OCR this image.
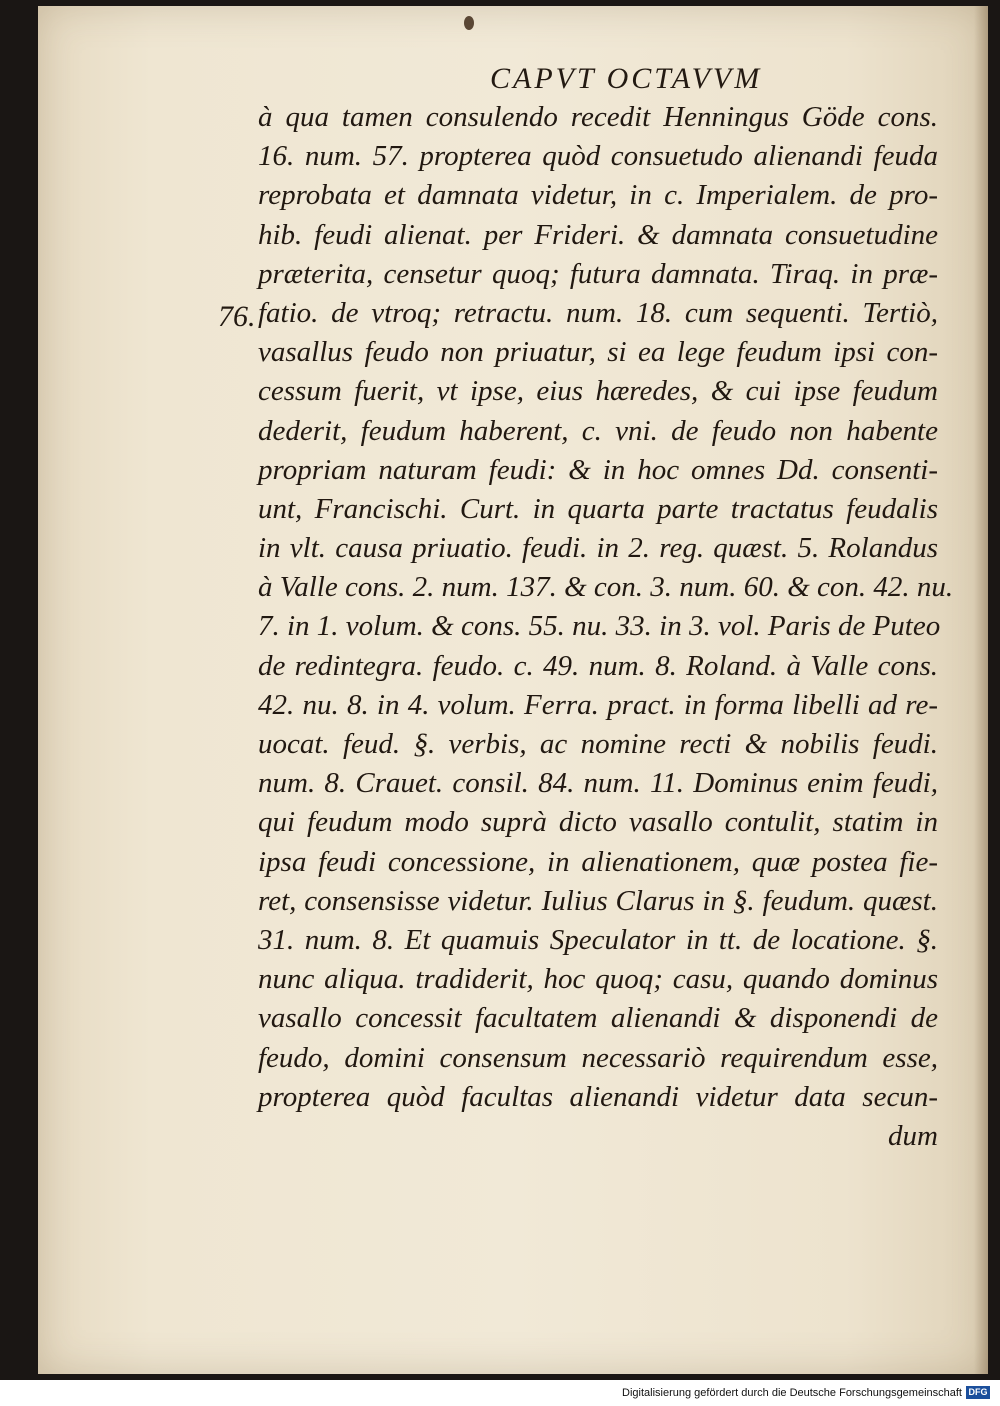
CAPVT OCTAVVM
76.
à qua tamen consulendo recedit Henningus Göde cons.
16. num. 57. propterea quòd consuetudo alienandi feuda
reprobata et damnata videtur, in c. Imperialem. de pro-
hib. feudi alienat. per Frideri. & damnata consuetudine
præterita, censetur quoq; futura damnata. Tiraq. in præ-
fatio. de vtroq; retractu. num. 18. cum sequenti. Tertiò,
vasallus feudo non priuatur, si ea lege feudum ipsi con-
cessum fuerit, vt ipse, eius hæredes, & cui ipse feudum
dederit, feudum haberent, c. vni. de feudo non habente
propriam naturam feudi: & in hoc omnes Dd. consenti-
unt, Francischi. Curt. in quarta parte tractatus feudalis
in vlt. causa priuatio. feudi. in 2. reg. quæst. 5. Rolandus
à Valle cons. 2. num. 137. & con. 3. num. 60. & con. 42. nu.
7. in 1. volum. & cons. 55. nu. 33. in 3. vol. Paris de Puteo
de redintegra. feudo. c. 49. num. 8. Roland. à Valle cons.
42. nu. 8. in 4. volum. Ferra. pract. in forma libelli ad re-
uocat. feud. §. verbis, ac nomine recti & nobilis feudi.
num. 8. Crauet. consil. 84. num. 11. Dominus enim feudi,
qui feudum modo suprà dicto vasallo contulit, statim in
ipsa feudi concessione, in alienationem, quæ postea fie-
ret, consensisse videtur. Iulius Clarus in §. feudum. quæst.
31. num. 8. Et quamuis Speculator in tt. de locatione. §.
nunc aliqua. tradiderit, hoc quoq; casu, quando dominus
vasallo concessit facultatem alienandi & disponendi de
feudo, domini consensum necessariò requirendum esse,
propterea quòd facultas alienandi videtur data secun-
dum
Digitalisierung gefördert durch die Deutsche Forschungsgemeinschaft DFG
